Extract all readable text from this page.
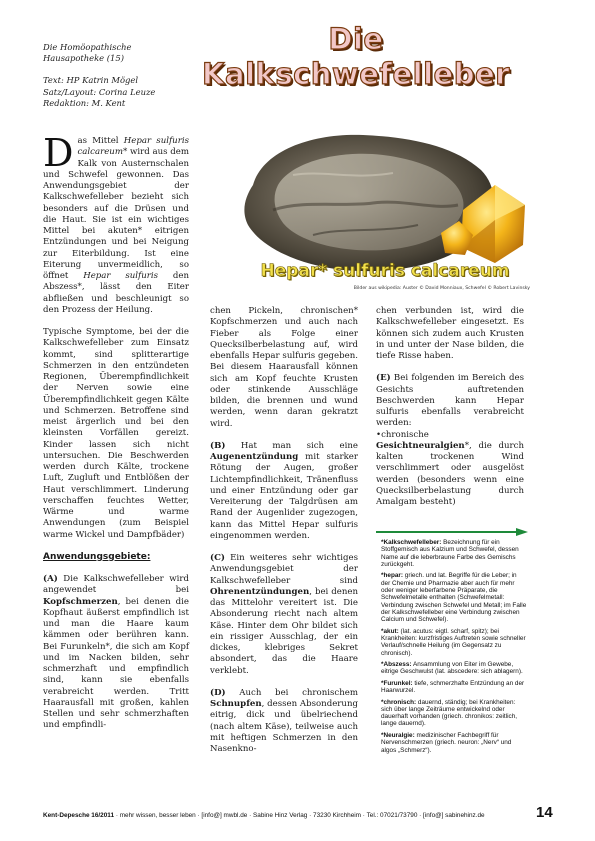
Die Homöopathische
Hausapotheke (15)
Text: HP Katrin Mögel
Satz/Layout: Corina Leuze
Redaktion: M. Kent
Die
Kalkschwefelleber
Hepar* sulfuris calcareum
Bilder aus wikipedia: Auster © David Monniaux, Schwefel © Robert Lavinsky

Das Mittel Hepar sulfuris calcareum* wird aus dem Kalk von Austernschalen und Schwefel gewonnen. Das Anwendungsgebiet der Kalkschwefelleber bezieht sich besonders auf die Drüsen und die Haut. Sie ist ein wichtiges Mittel bei akuten* eitrigen Entzündungen und bei Neigung zur Eiterbildung. Ist eine Eiterung unvermeidlich, so öffnet Hepar sulfuris den Abszess*, lässt den Eiter abfließen und beschleunigt so den Prozess der Heilung.

Typische Symptome, bei der die Kalkschwefelleber zum Einsatz kommt, sind splitterartige Schmerzen in den entzündeten Regionen, Überempfindlichkeit der Nerven sowie eine Überempfindlichkeit gegen Kälte und Schmerzen. Betroffene sind meist ärgerlich und bei den kleinsten Vorfällen gereizt. Kinder lassen sich nicht untersuchen. Die Beschwerden werden durch Kälte, trockene Luft, Zugluft und Entblößen der Haut verschlimmert. Linderung verschaffen feuchtes Wetter, Wärme und warme Anwendungen (zum Beispiel warme Wickel und Dampfbäder)

Anwendungsgebiete:

(A) Die Kalkschwefelleber wird angewendet bei Kopfschmerzen, bei denen die Kopfhaut äußerst empfindlich ist und man die Haare kaum kämmen oder berühren kann. Bei Furunkeln*, die sich am Kopf und im Nacken bilden, sehr schmerzhaft und empfindlich sind, kann sie ebenfalls verabreicht werden. Tritt Haarausfall mit großen, kahlen Stellen und sehr schmerzhaften und empfindli-

chen Pickeln, chronischen* Kopfschmerzen und auch nach Fieber als Folge einer Quecksilberbelastung auf, wird ebenfalls Hepar sulfuris gegeben. Bei diesem Haarausfall können sich am Kopf feuchte Krusten oder stinkende Ausschläge bilden, die brennen und wund werden, wenn daran gekratzt wird.

(B) Hat man sich eine Augenentzündung mit starker Rötung der Augen, großer Lichtempfindlichkeit, Tränenfluss und einer Entzündung oder gar Vereiterung der Talgdrüsen am Rand der Augenlider zugezogen, kann das Mittel Hepar sulfuris eingenommen werden.

(C) Ein weiteres sehr wichtiges Anwendungsgebiet der Kalkschwefelleber sind Ohrenentzündungen, bei denen das Mittelohr vereitert ist. Die Absonderung riecht nach altem Käse. Hinter dem Ohr bildet sich ein rissiger Ausschlag, der ein dickes, klebriges Sekret absondert, das die Haare verklebt.

(D) Auch bei chronischem Schnupfen, dessen Absonderung eitrig, dick und übelriechend (nach altem Käse), teilweise auch mit heftigen Schmerzen in den Nasenkno-

chen verbunden ist, wird die Kalkschwefelleber eingesetzt. Es können sich zudem auch Krusten in und unter der Nase bilden, die tiefe Risse haben.

(E) Bei folgenden im Bereich des Gesichts auftretenden Beschwerden kann Hepar sulfuris ebenfalls verabreicht werden:

•chronische Gesichtneuralgien*, die durch kalten trockenen Wind verschlimmert oder ausgelöst werden (besonders wenn eine Quecksilberbelastung durch Amalgam besteht)

*Kalkschwefelleber: Bezeichnung für ein Stoffgemisch aus Kalzium und Schwefel, dessen Name auf die leberbraune Farbe des Gemischs zurückgeht.

*hepar: griech. und lat. Begriffe für die Leber; in der Chemie und Pharmazie aber auch für mehr oder weniger leberfarbene Präparate, die Schwefelmetalle enthalten (Schwefelmetall: Verbindung zwischen Schwefel und Metall; im Falle der Kalkschwefelleber eine Verbindung zwischen Calcium und Schwefel).

*akut: (lat. acutus: eigtl. scharf, spitz); bei Krankheiten: kurzfristiges Auftreten sowie schneller Verlauf/schnelle Heilung (im Gegensatz zu chronisch).

*Abszess: Ansammlung von Eiter im Gewebe, eitrige Geschwulst (lat. abscedere: sich ablagern).

*Furunkel: tiefe, schmerzhafte Entzündung an der Haarwurzel.

*chronisch: dauernd, ständig; bei Krankheiten: sich über lange Zeiträume entwickelnd oder dauerhaft vorhanden (griech. chronikos: zeitlich, lange dauernd).

*Neuralgie: medizinischer Fachbegriff für Nervenschmerzen (griech. neuron: „Nerv“ und algos „Schmerz“).

Kent-Depesche 16/2011 · mehr wissen, besser leben · [info@] mwbl.de · Sabine Hinz Verlag · 73230 Kirchheim · Tel.: 07021/73790 · [info@] sabinehinz.de	14
